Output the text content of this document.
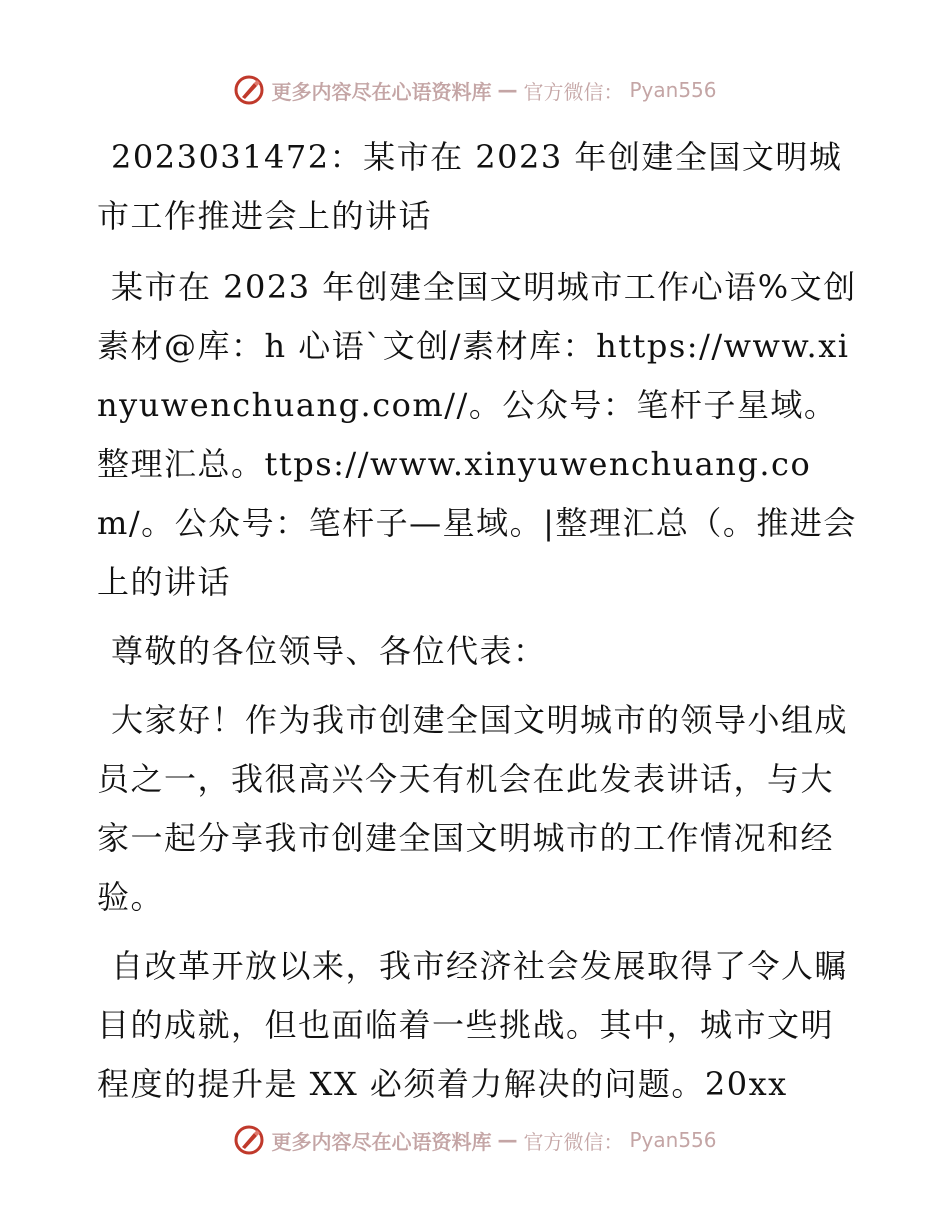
更多内容尽在心语资料库 — 官方微信： Pyan556

2023031472：某市在 2023 年创建全国文明城市工作推进会上的讲话

某市在 2023 年创建全国文明城市工作心语%文创素材@库：h 心语`文创/素材库：https://www.xinyuwenchuang.com//。公众号：笔杆子星域。整理汇总。ttps://www.xinyuwenchuang.com/。公众号：笔杆子—星域。|整理汇总（。推进会上的讲话

尊敬的各位领导、各位代表：

大家好！作为我市创建全国文明城市的领导小组成员之一，我很高兴今天有机会在此发表讲话，与大家一起分享我市创建全国文明城市的工作情况和经验。

自改革开放以来，我市经济社会发展取得了令人瞩目的成就，但也面临着一些挑战。其中，城市文明程度的提升是 XX 必须着力解决的问题。20xx

更多内容尽在心语资料库 — 官方微信： Pyan556
